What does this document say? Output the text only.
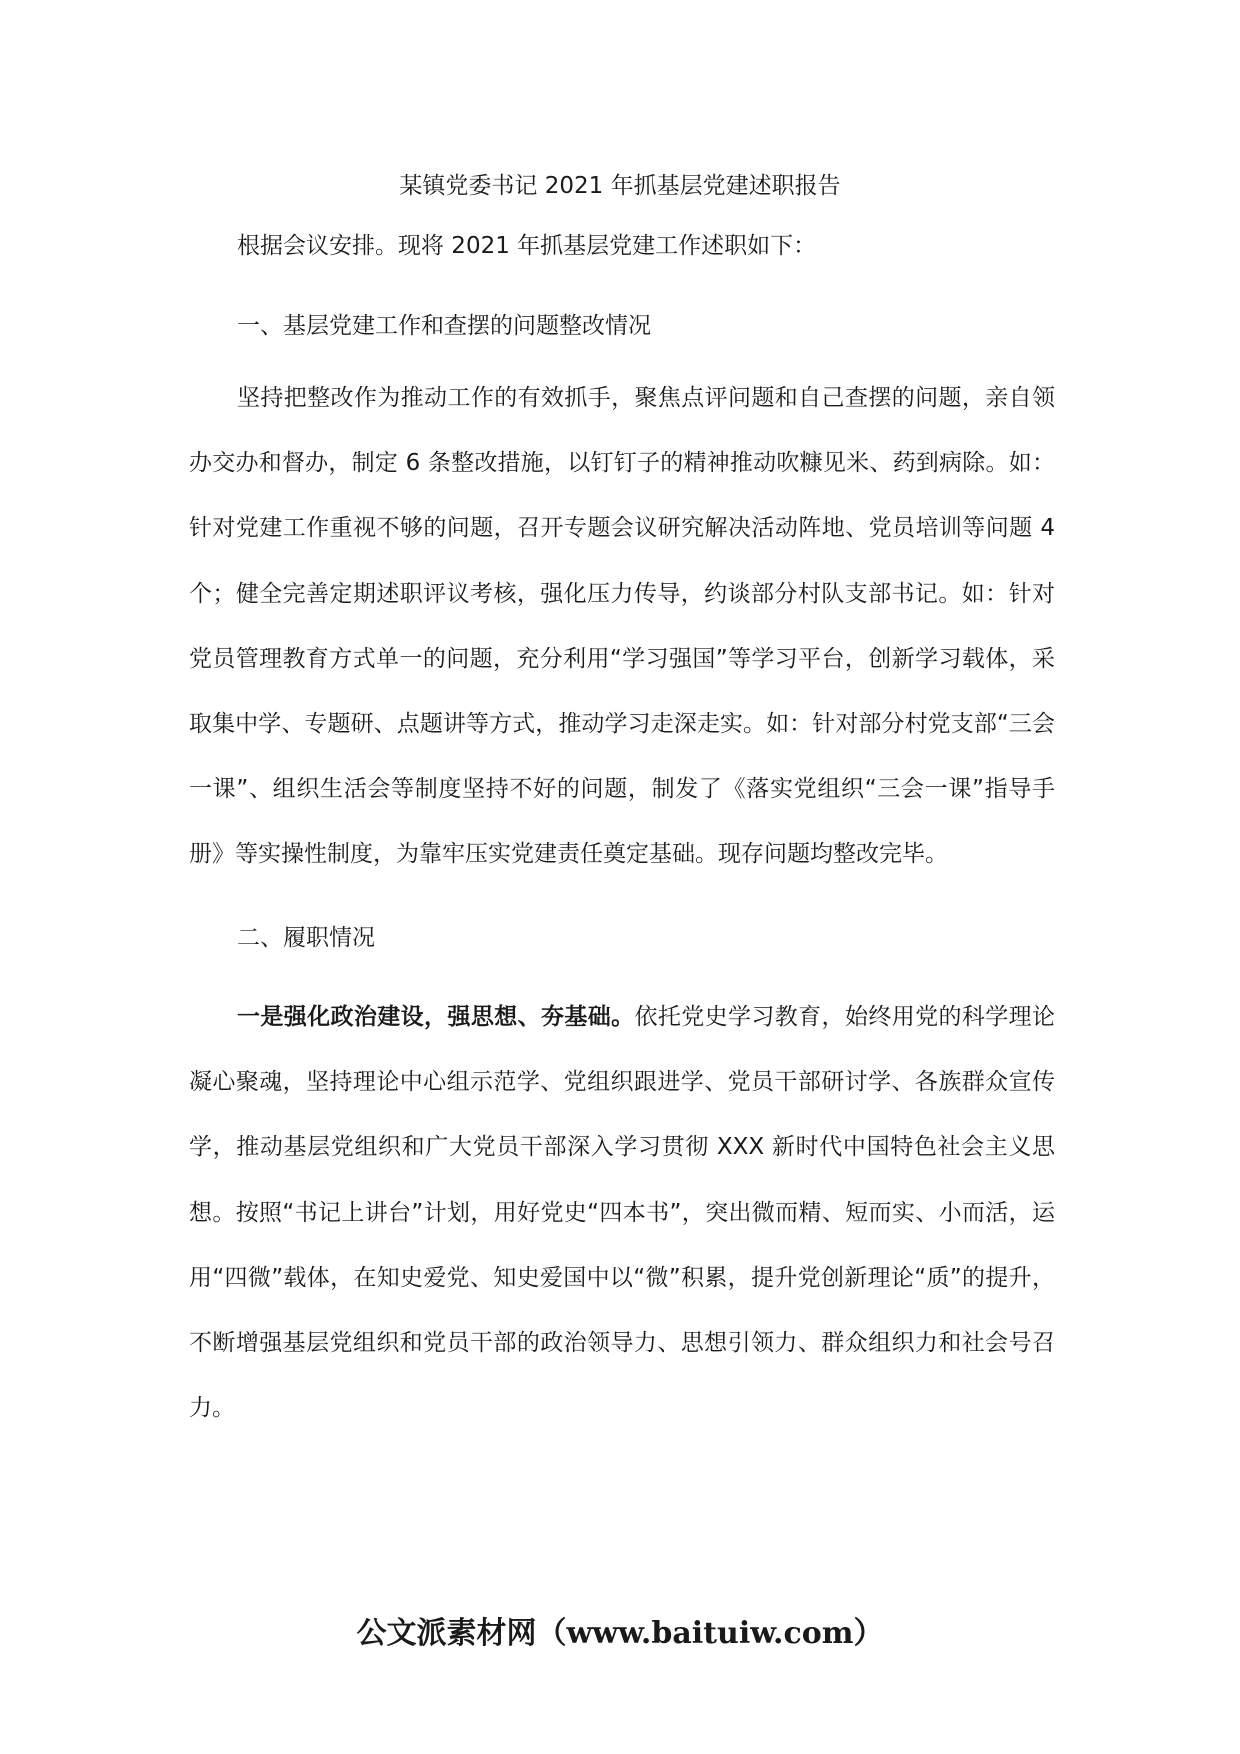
某镇党委书记 2021 年抓基层党建述职报告

根据会议安排。现将 2021 年抓基层党建工作述职如下：

一、基层党建工作和查摆的问题整改情况

坚持把整改作为推动工作的有效抓手，聚焦点评问题和自己查摆的问题，亲自领办交办和督办，制定 6 条整改措施，以钉钉子的精神推动吹糠见米、药到病除。如：针对党建工作重视不够的问题，召开专题会议研究解决活动阵地、党员培训等问题 4 个；健全完善定期述职评议考核，强化压力传导，约谈部分村队支部书记。如：针对党员管理教育方式单一的问题，充分利用“学习强国”等学习平台，创新学习载体，采取集中学、专题研、点题讲等方式，推动学习走深走实。如：针对部分村党支部“三会一课”、组织生活会等制度坚持不好的问题，制发了《落实党组织“三会一课”指导手册》等实操性制度，为靠牢压实党建责任奠定基础。现存问题均整改完毕。

二、履职情况

一是强化政治建设，强思想、夯基础。依托党史学习教育，始终用党的科学理论凝心聚魂，坚持理论中心组示范学、党组织跟进学、党员干部研讨学、各族群众宣传学，推动基层党组织和广大党员干部深入学习贯彻 XXX 新时代中国特色社会主义思想。按照“书记上讲台”计划，用好党史“四本书”，突出微而精、短而实、小而活，运用“四微”载体，在知史爱党、知史爱国中以“微”积累，提升党创新理论“质”的提升，不断增强基层党组织和党员干部的政治领导力、思想引领力、群众组织力和社会号召力。

公文派素材网（www.baituiw.com）
